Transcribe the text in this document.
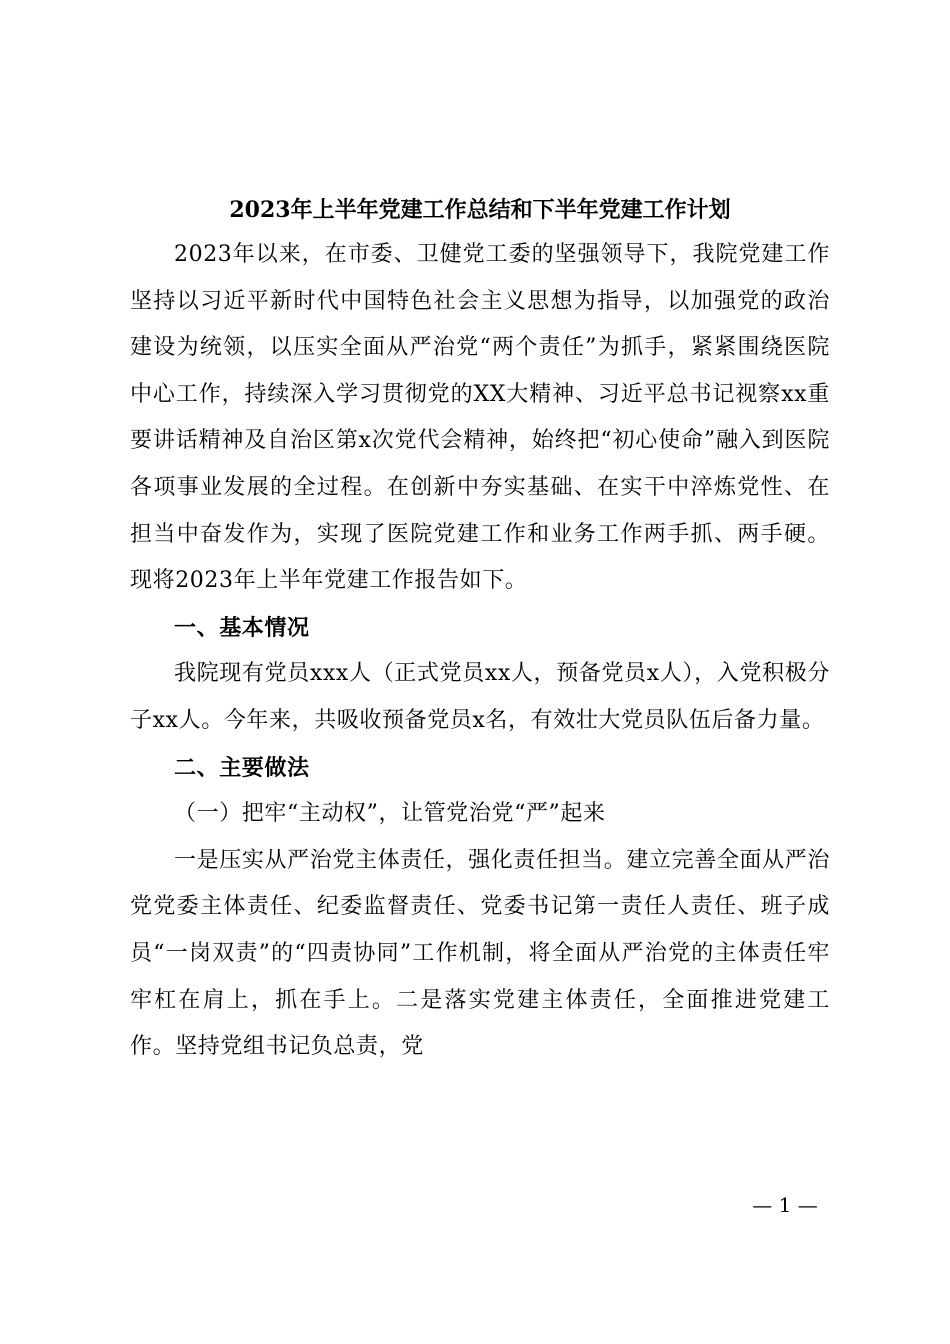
2023年上半年党建工作总结和下半年党建工作计划

2023年以来，在市委、卫健党工委的坚强领导下，我院党建工作坚持以习近平新时代中国特色社会主义思想为指导，以加强党的政治建设为统领，以压实全面从严治党“两个责任”为抓手，紧紧围绕医院中心工作，持续深入学习贯彻党的XX大精神、习近平总书记视察xx重要讲话精神及自治区第x次党代会精神，始终把“初心使命”融入到医院各项事业发展的全过程。在创新中夯实基础、在实干中淬炼党性、在担当中奋发作为，实现了医院党建工作和业务工作两手抓、两手硬。现将2023年上半年党建工作报告如下。

一、基本情况

我院现有党员xxx人（正式党员xx人，预备党员x人），入党积极分子xx人。今年来，共吸收预备党员x名，有效壮大党员队伍后备力量。

二、主要做法

（一）把牢“主动权”，让管党治党“严”起来

一是压实从严治党主体责任，强化责任担当。建立完善全面从严治党党委主体责任、纪委监督责任、党委书记第一责任人责任、班子成员“一岗双责”的“四责协同”工作机制，将全面从严治党的主体责任牢牢杠在肩上，抓在手上。二是落实党建主体责任，全面推进党建工作。坚持党组书记负总责，党

— 1 —
